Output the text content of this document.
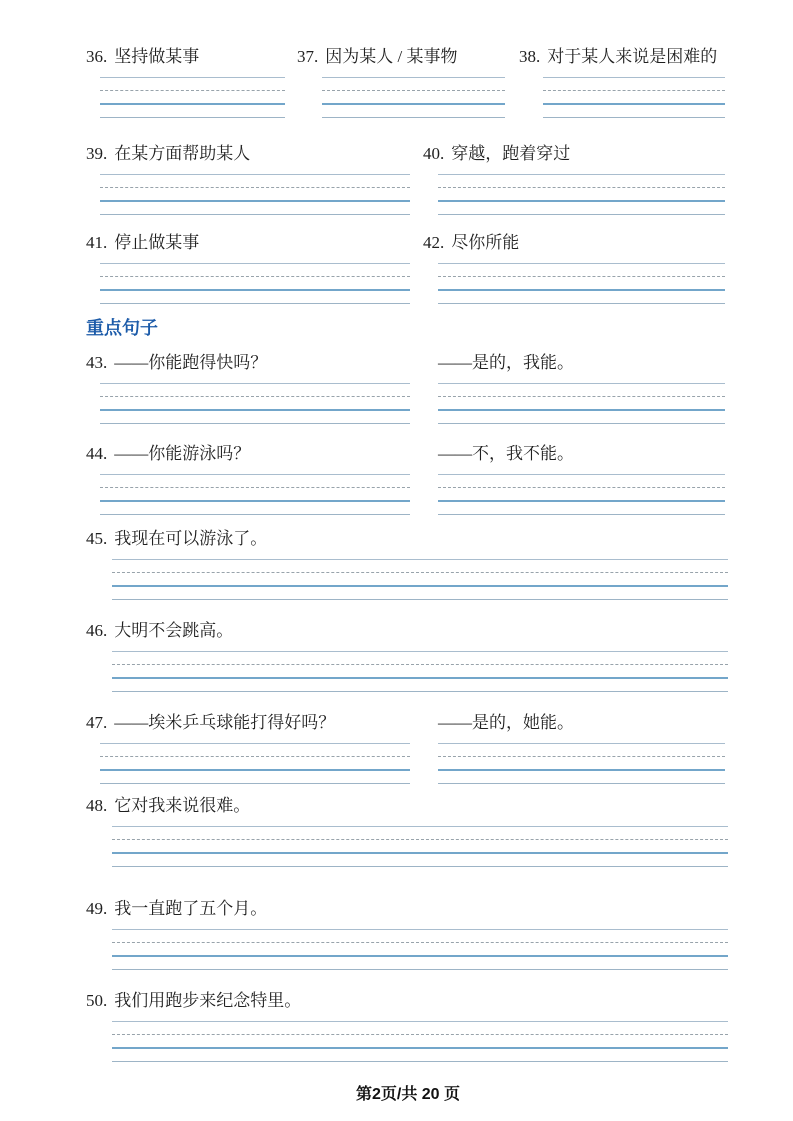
36. 坚持做某事	37. 因为某人 / 某事物	38. 对于某人来说是困难的
39. 在某方面帮助某人	40. 穿越，跑着穿过
41. 停止做某事	42. 尽你所能
重点句子
43. ——你能跑得快吗？	——是的，我能。
44. ——你能游泳吗？	——不，我不能。
45. 我现在可以游泳了。
46. 大明不会跳高。
47. ——埃米乒乓球能打得好吗？	——是的，她能。
48. 它对我来说很难。
49. 我一直跑了五个月。
50. 我们用跑步来纪念特里。
第2页/共 20 页
